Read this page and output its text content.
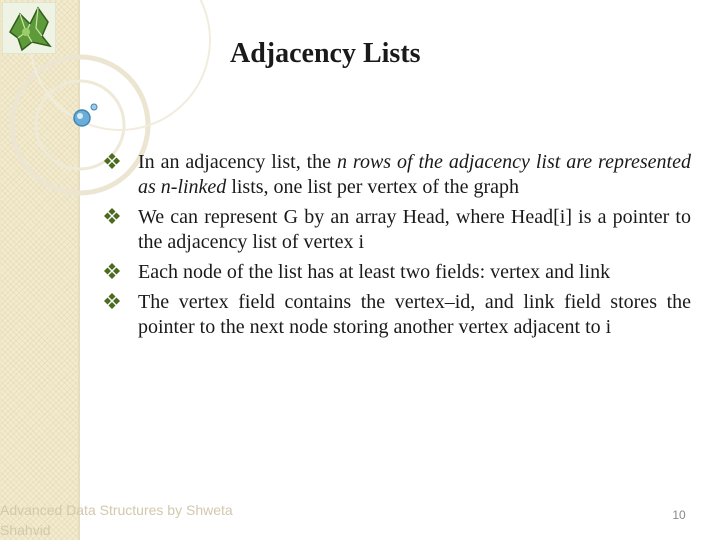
Adjacency Lists
In an adjacency list, the n rows of the adjacency list are represented as n-linked lists, one list per vertex of the graph
We can represent G by an array Head, where Head[i] is a pointer to the adjacency list of vertex i
Each node of the list has at least two fields: vertex and link
The vertex field contains the vertex–id, and link field stores the pointer to the next node storing another vertex adjacent to i
Advanced Data Structures by Shweta
Shahvid
10
